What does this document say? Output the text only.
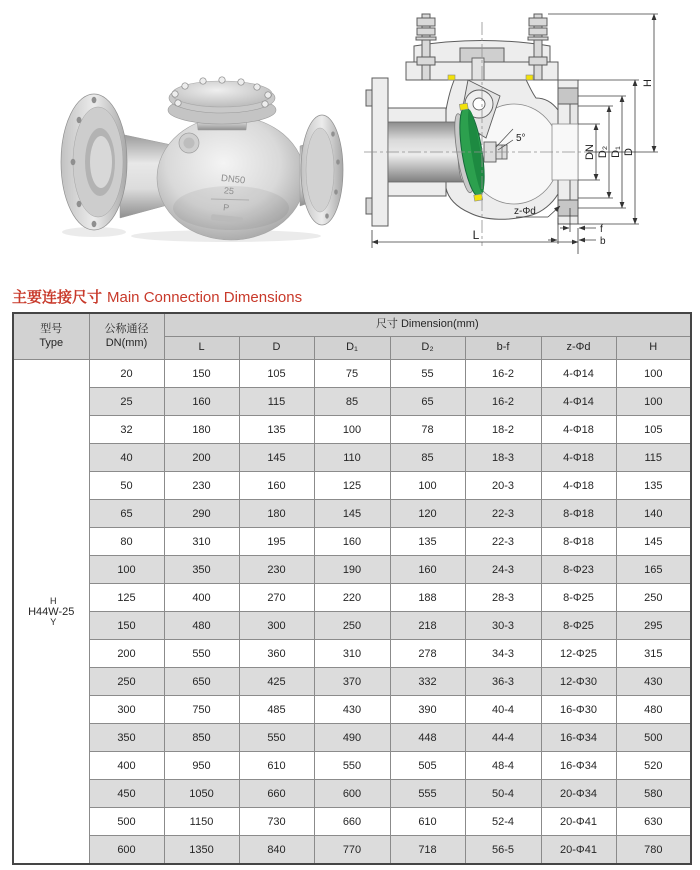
DN50
25
P
5°
DN D₂ D₁ D
H
L	f
b
z-Φd
主要连接尺寸 Main Connection Dimensions
型号
Type

公称通径
DN(mm)
	尺寸 Dimension(mm)
		L	D	D₁	D₂	b-f	z-Φd	H

H
H44W-25
Y	20	150	105	75	55	16-2	4-Φ14	100
	25	160	115	85	65	16-2	4-Φ14	100
	32	180	135	100	78	18-2	4-Φ18	105
	40	200	145	110	85	18-3	4-Φ18	115
	50	230	160	125	100	20-3	4-Φ18	135
	65	290	180	145	120	22-3	8-Φ18	140
	80	310	195	160	135	22-3	8-Φ18	145
	100	350	230	190	160	24-3	8-Φ23	165
	125	400	270	220	188	28-3	8-Φ25	250
	150	480	300	250	218	30-3	8-Φ25	295
	200	550	360	310	278	34-3	12-Φ25	315
	250	650	425	370	332	36-3	12-Φ30	430
	300	750	485	430	390	40-4	16-Φ30	480
	350	850	550	490	448	44-4	16-Φ34	500
	400	950	610	550	505	48-4	16-Φ34	520
	450	1050	660	600	555	50-4	20-Φ34	580
	500	1150	730	660	610	52-4	20-Φ41	630
	600	1350	840	770	718	56-5	20-Φ41	780
